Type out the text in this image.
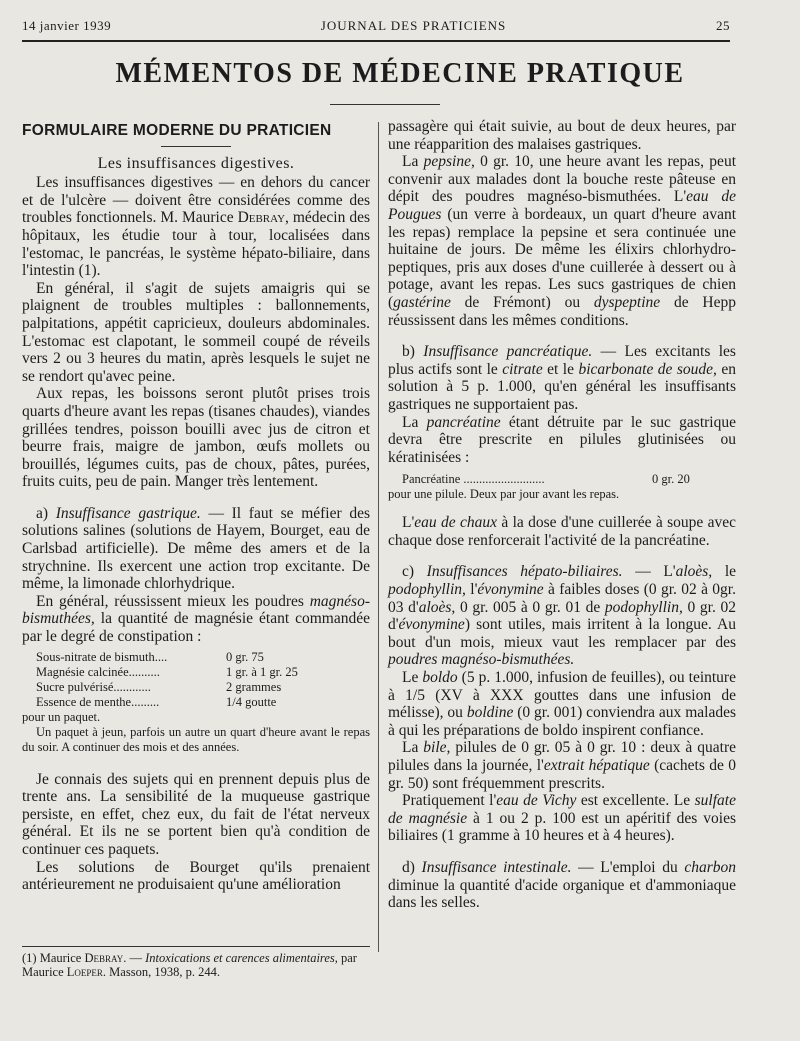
14 janvier 1939	JOURNAL DES PRATICIENS	25
MÉMENTOS DE MÉDECINE PRATIQUE
FORMULAIRE MODERNE DU PRATICIEN
Les insuffisances digestives.

Les insuffisances digestives — en dehors du cancer et de l'ulcère — doivent être considérées comme des troubles fonctionnels. M. Maurice Debray, médecin des hôpitaux, les étudie tour à tour, localisées dans l'estomac, le pancréas, le système hépato-biliaire, dans l'intestin (1).

En général, il s'agit de sujets amaigris qui se plaignent de troubles multiples : ballonnements, palpitations, appétit capricieux, douleurs abdominales. L'estomac est clapotant, le sommeil coupé de réveils vers 2 ou 3 heures du matin, après lesquels le sujet ne se rendort qu'avec peine.

Aux repas, les boissons seront plutôt prises trois quarts d'heure avant les repas (tisanes chaudes), viandes grillées tendres, poisson bouilli avec jus de citron et beurre frais, maigre de jambon, œufs mollets ou brouillés, légumes cuits, pas de choux, pâtes, purées, fruits cuits, peu de pain. Manger très lentement.

a) Insuffisance gastrique. — Il faut se méfier des solutions salines (solutions de Hayem, Bourget, eau de Carlsbad artificielle). De même des amers et de la strychnine. Ils exercent une action trop excitante. De même, la limonade chlorhydrique.

En général, réussissent mieux les poudres magnéso-bismuthées, la quantité de magnésie étant commandée par le degré de constipation :

Sous-nitrate de bismuth....	0 gr. 75
Magnésie calcinée..........	1 gr. à 1 gr. 25
Sucre pulvérisé............	2 grammes
Essence de menthe.........	1/4 goutte
pour un paquet.
Un paquet à jeun, parfois un autre un quart d'heure avant le repas du soir. A continuer des mois et des années.

Je connais des sujets qui en prennent depuis plus de trente ans. La sensibilité de la muqueuse gastrique persiste, en effet, chez eux, du fait de l'état nerveux général. Et ils ne se portent bien qu'à condition de continuer ces paquets.

Les solutions de Bourget qu'ils prenaient antérieurement ne produisaient qu'une amélioration

(1) Maurice Debray. — Intoxications et carences alimentaires, par Maurice Loeper. Masson, 1938, p. 244.

passagère qui était suivie, au bout de deux heures, par une réapparition des malaises gastriques.

La pepsine, 0 gr. 10, une heure avant les repas, peut convenir aux malades dont la bouche reste pâteuse en dépit des poudres magnéso-bismuthées. L'eau de Pougues (un verre à bordeaux, un quart d'heure avant les repas) remplace la pepsine et sera continuée une huitaine de jours. De même les élixirs chlorhydro-peptiques, pris aux doses d'une cuillerée à dessert ou à potage, avant les repas. Les sucs gastriques de chien (gastérine de Frémont) ou dyspeptine de Hepp réussissent dans les mêmes conditions.

b) Insuffisance pancréatique. — Les excitants les plus actifs sont le citrate et le bicarbonate de soude, en solution à 5 p. 1.000, qu'en général les insuffisants gastriques ne supportaient pas.

La pancréatine étant détruite par le suc gastrique devra être prescrite en pilules glutinisées ou kératinisées :

Pancréatine ..........................	0 gr. 20
pour une pilule. Deux par jour avant les repas.

L'eau de chaux à la dose d'une cuillerée à soupe avec chaque dose renforcerait l'activité de la pancréatine.

c) Insuffisances hépato-biliaires. — L'aloès, le podophyllin, l'évonymine à faibles doses (0 gr. 02 à 0gr. 03 d'aloès, 0 gr. 005 à 0 gr. 01 de podophyllin, 0 gr. 02 d'évonymine) sont utiles, mais irritent à la longue. Au bout d'un mois, mieux vaut les remplacer par des poudres magnéso-bismuthées.

Le boldo (5 p. 1.000, infusion de feuilles), ou teinture à 1/5 (XV à XXX gouttes dans une infusion de mélisse), ou boldine (0 gr. 001) conviendra aux malades à qui les préparations de boldo inspirent confiance.

La bile, pilules de 0 gr. 05 à 0 gr. 10 : deux à quatre pilules dans la journée, l'extrait hépatique (cachets de 0 gr. 50) sont fréquemment prescrits.

Pratiquement l'eau de Vichy est excellente. Le sulfate de magnésie à 1 ou 2 p. 100 est un apéritif des voies biliaires (1 gramme à 10 heures et à 4 heures).

d) Insuffisance intestinale. — L'emploi du charbon diminue la quantité d'acide organique et d'ammoniaque dans les selles.
